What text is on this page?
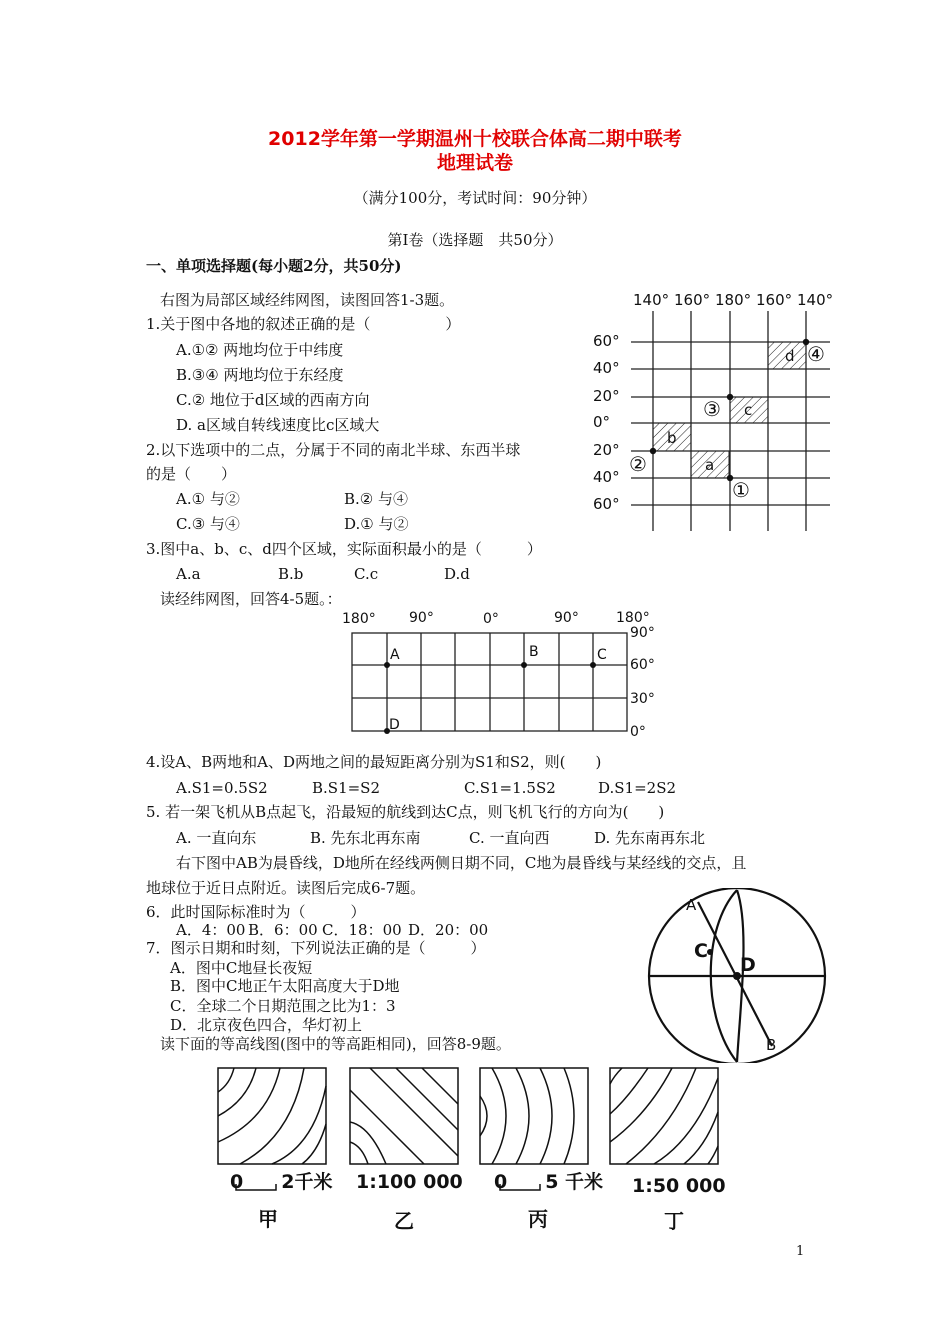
2012学年第一学期温州十校联合体高二期中联考
地理试卷
（满分100分，考试时间：90分钟）
第Ⅰ卷（选择题　共50分）
一、单项选择题(每小题2分，共50分)
右图为局部区域经纬网图，读图回答1-3题。
1.关于图中各地的叙述正确的是（　　　　　）
A.①② 两地均位于中纬度
B.③④ 两地均位于东经度
C.② 地位于d区域的西南方向
D. a区域自转线速度比c区域大
2.以下选项中的二点，分属于不同的南北半球、东西半球
的是（　　）
A.① 与②	B.② 与④
C.③ 与④	D.① 与②
3.图中a、b、c、d四个区域，实际面积最小的是（　　　）
A.a	B.b	C.c	D.d
140° 160° 180° 160° 140°
60°
40°
20°
0°
20°
40°
60°
d
c
b
a
④
③
②
①
读经纬网图，回答4-5题。：
180° 90°	0°	90°	180°
90°
60°
30°
0°
A	B	C
D
4.设A、B两地和A、D两地之间的最短距离分别为S1和S2，则(　　)
A.S1=0.5S2	B.S1=S2	C.S1=1.5S2	D.S1=2S2
5. 若一架飞机从B点起飞，沿最短的航线到达C点，则飞机飞行的方向为(　　)
A. 一直向东	B. 先东北再东南	C. 一直向西	D. 先东南再东北
右下图中AB为晨昏线，D地所在经线两侧日期不同，C地为晨昏线与某经线的交点，且
地球位于近日点附近。读图后完成6-7题。
6．此时国际标准时为（　　　）
A．4：00 B．6：00 C．18：00 D．20：00
7．图示日期和时刻，下列说法正确的是（　　　）
A．图中C地昼长夜短
B．图中C地正午太阳高度大于D地
C．全球二个日期范围之比为1：3
D．北京夜色四合，华灯初上
A
B
C
D
读下面的等高线图(图中的等高距相同)，回答8-9题。
0　　2千米 1:100 000 0　　5 千米 1:50 000
甲	乙	丙	丁
1
